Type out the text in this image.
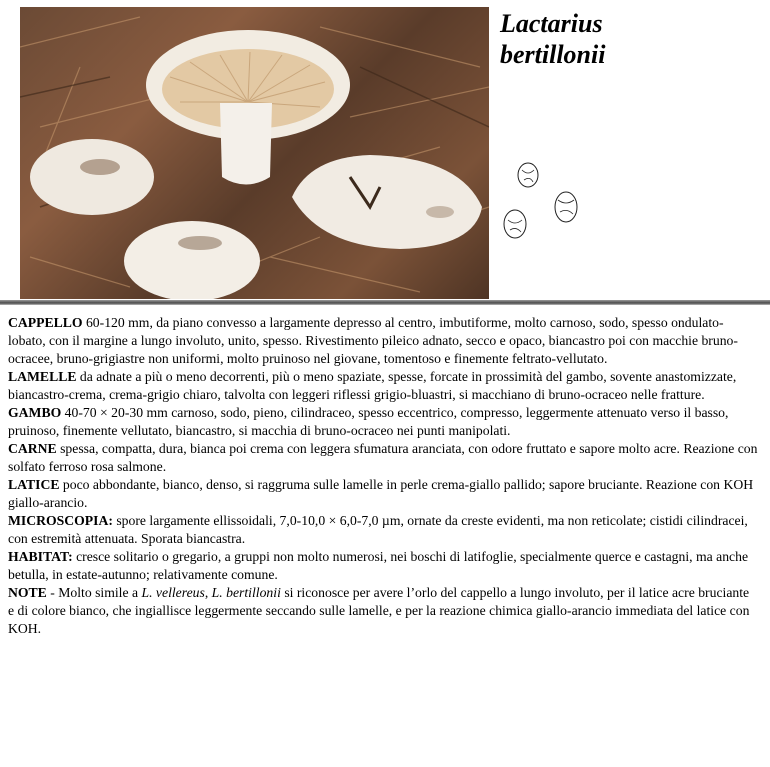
Lactarius
bertillonii

CAPPELLO 60-120 mm, da piano convesso a largamente depresso al centro, imbutiforme, molto carnoso, sodo, spesso ondulato-lobato, con il margine a lungo involuto, unito, spesso. Rivestimento pileico adnato, secco e opaco, biancastro poi con macchie bruno-ocracee, bruno-grigiastre non uniformi, molto pruinoso nel giovane, tomentoso e finemente feltrato-vellutato.

LAMELLE da adnate a più o meno decorrenti, più o meno spaziate, spesse, forcate in prossimità del gambo, sovente anastomizzate, biancastro-crema, crema-grigio chiaro, talvolta con leggeri riflessi grigio-bluastri, si macchiano di bruno-ocraceo nelle fratture.

GAMBO 40-70 × 20-30 mm carnoso, sodo, pieno, cilindraceo, spesso eccentrico, compresso, leggermente attenuato verso il basso, pruinoso, finemente vellutato, biancastro, si macchia di bruno-ocraceo nei punti manipolati.

CARNE spessa, compatta, dura, bianca poi crema con leggera sfumatura aranciata, con odore fruttato e sapore molto acre. Reazione con solfato ferroso rosa salmone.

LATICE poco abbondante, bianco, denso, si raggruma sulle lamelle in perle crema-giallo pallido; sapore bruciante. Reazione con KOH giallo-arancio.

MICROSCOPIA: spore largamente ellissoidali, 7,0-10,0 × 6,0-7,0 µm, ornate da creste evidenti, ma non reticolate; cistidi cilindracei, con estremità attenuata. Sporata biancastra.

HABITAT: cresce solitario o gregario, a gruppi non molto numerosi, nei boschi di latifoglie, specialmente querce e castagni, ma anche betulla, in estate-autunno; relativamente comune.

NOTE - Molto simile a L. vellereus, L. bertillonii si riconosce per avere l’orlo del cappello a lungo involuto, per il latice acre bruciante e di colore bianco, che ingiallisce leggermente seccando sulle lamelle, e per la reazione chimica giallo-arancio immediata del latice con KOH.
